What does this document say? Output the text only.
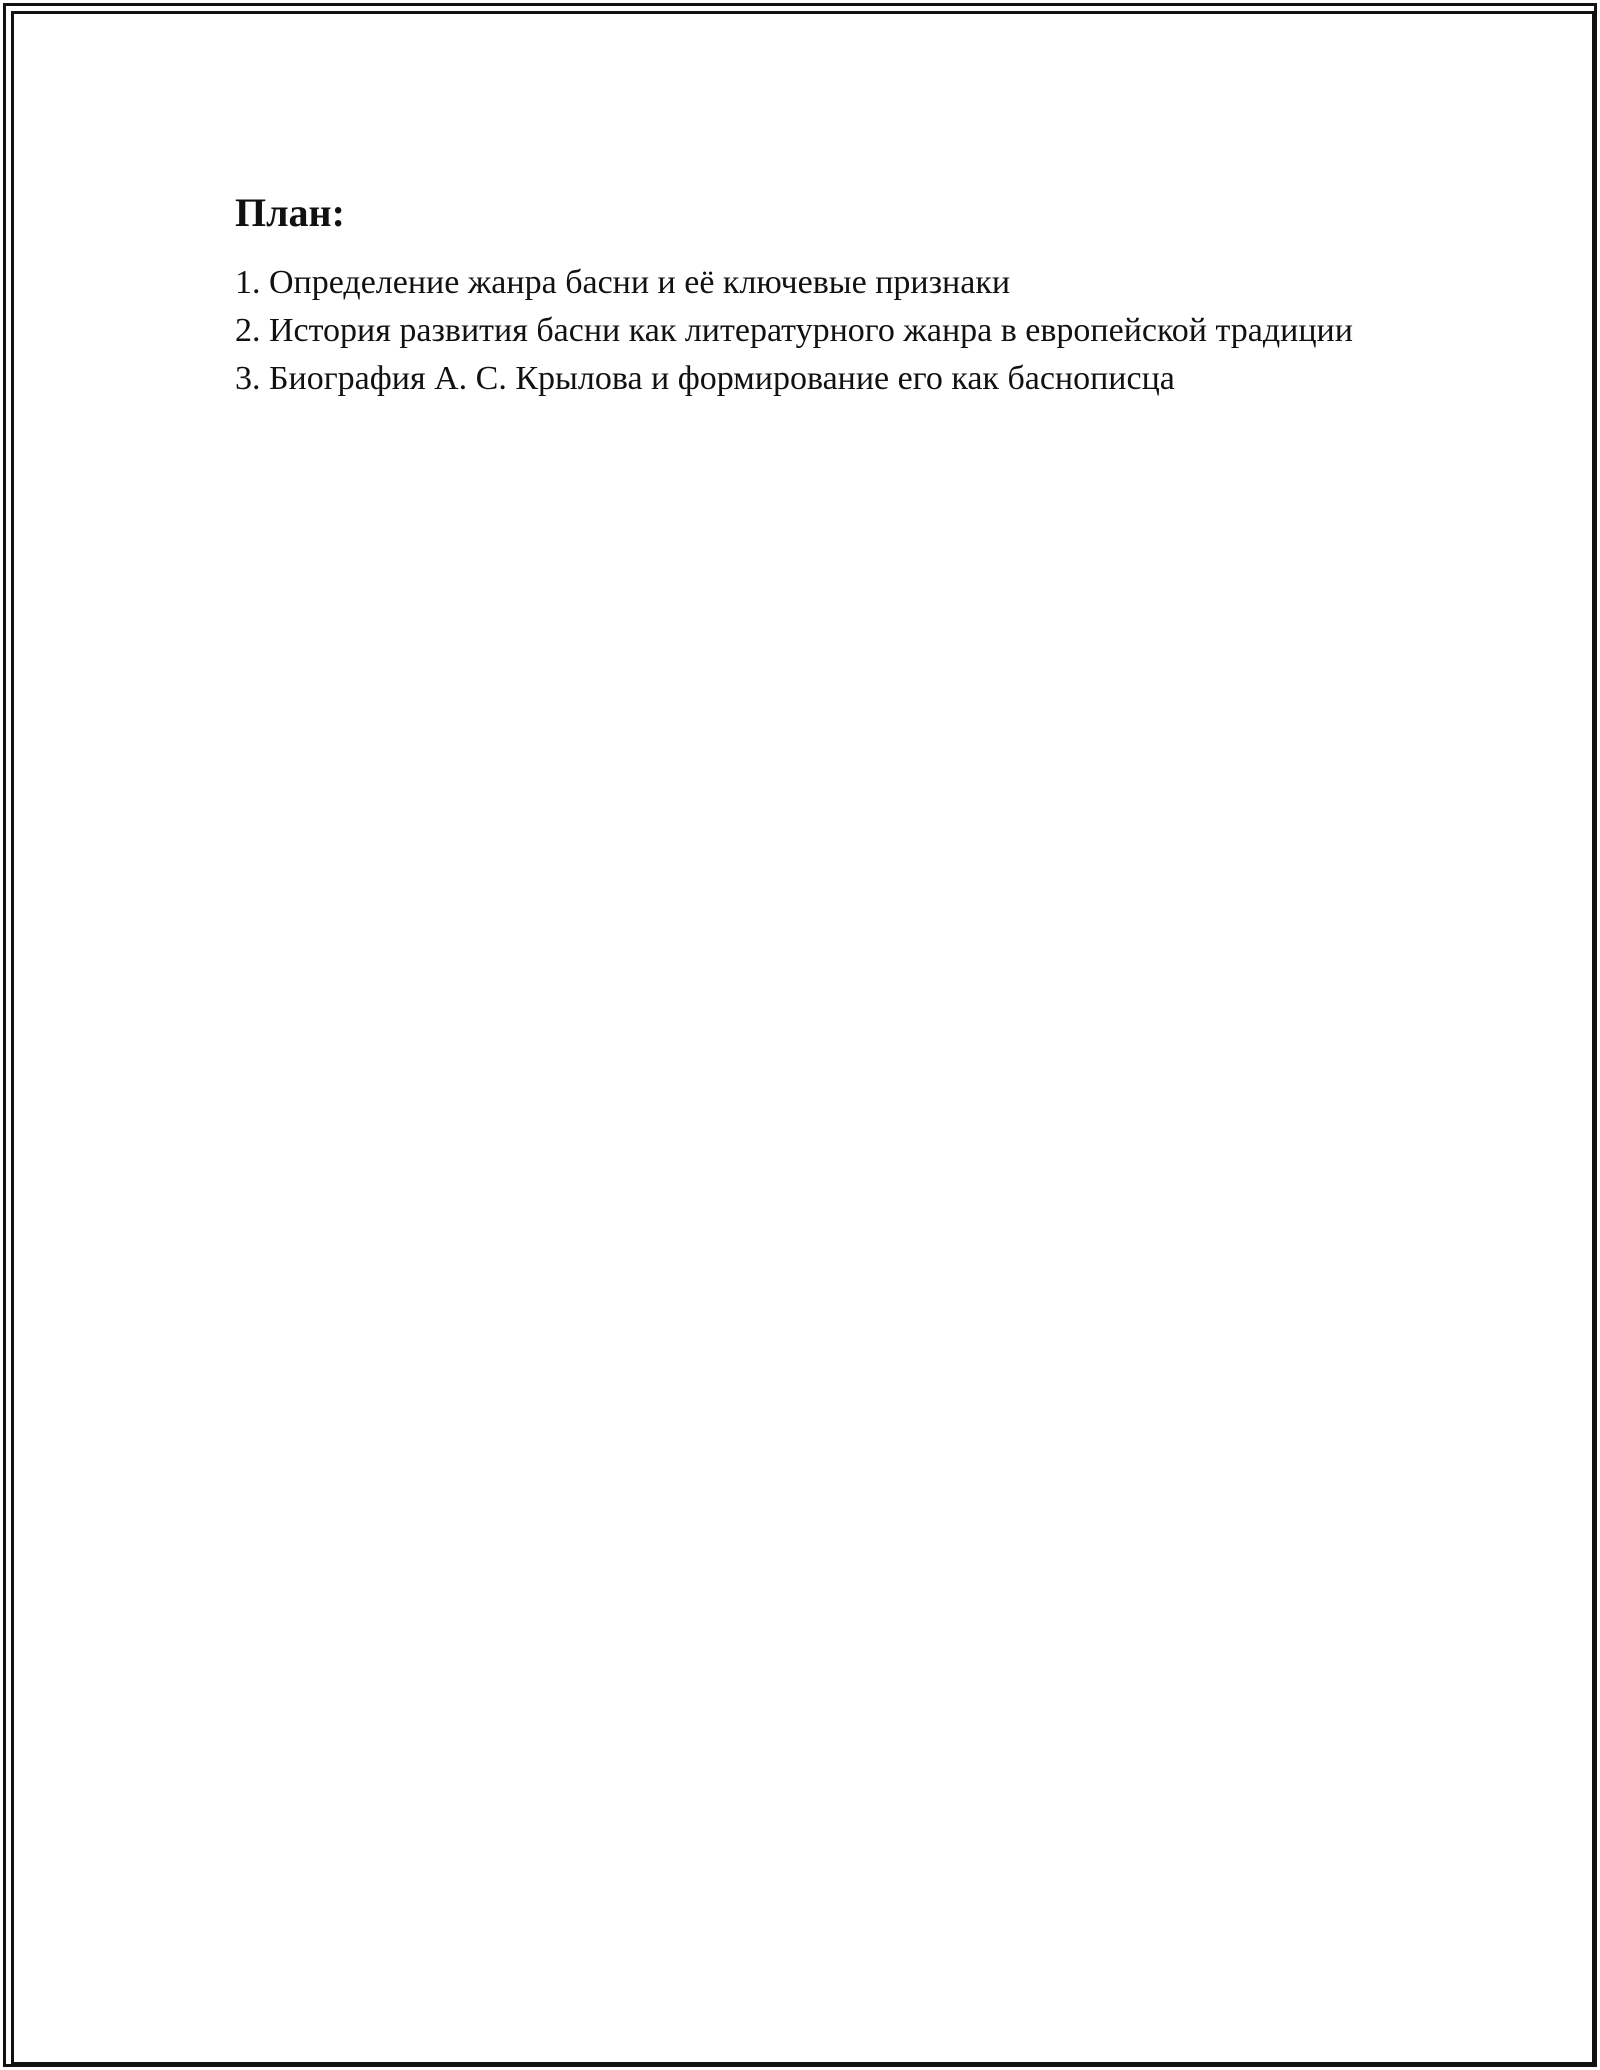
План:
1. Определение жанра басни и её ключевые признаки
2. История развития басни как литературного жанра в европейской традиции
3. Биография А. С. Крылова и формирование его как баснописца
